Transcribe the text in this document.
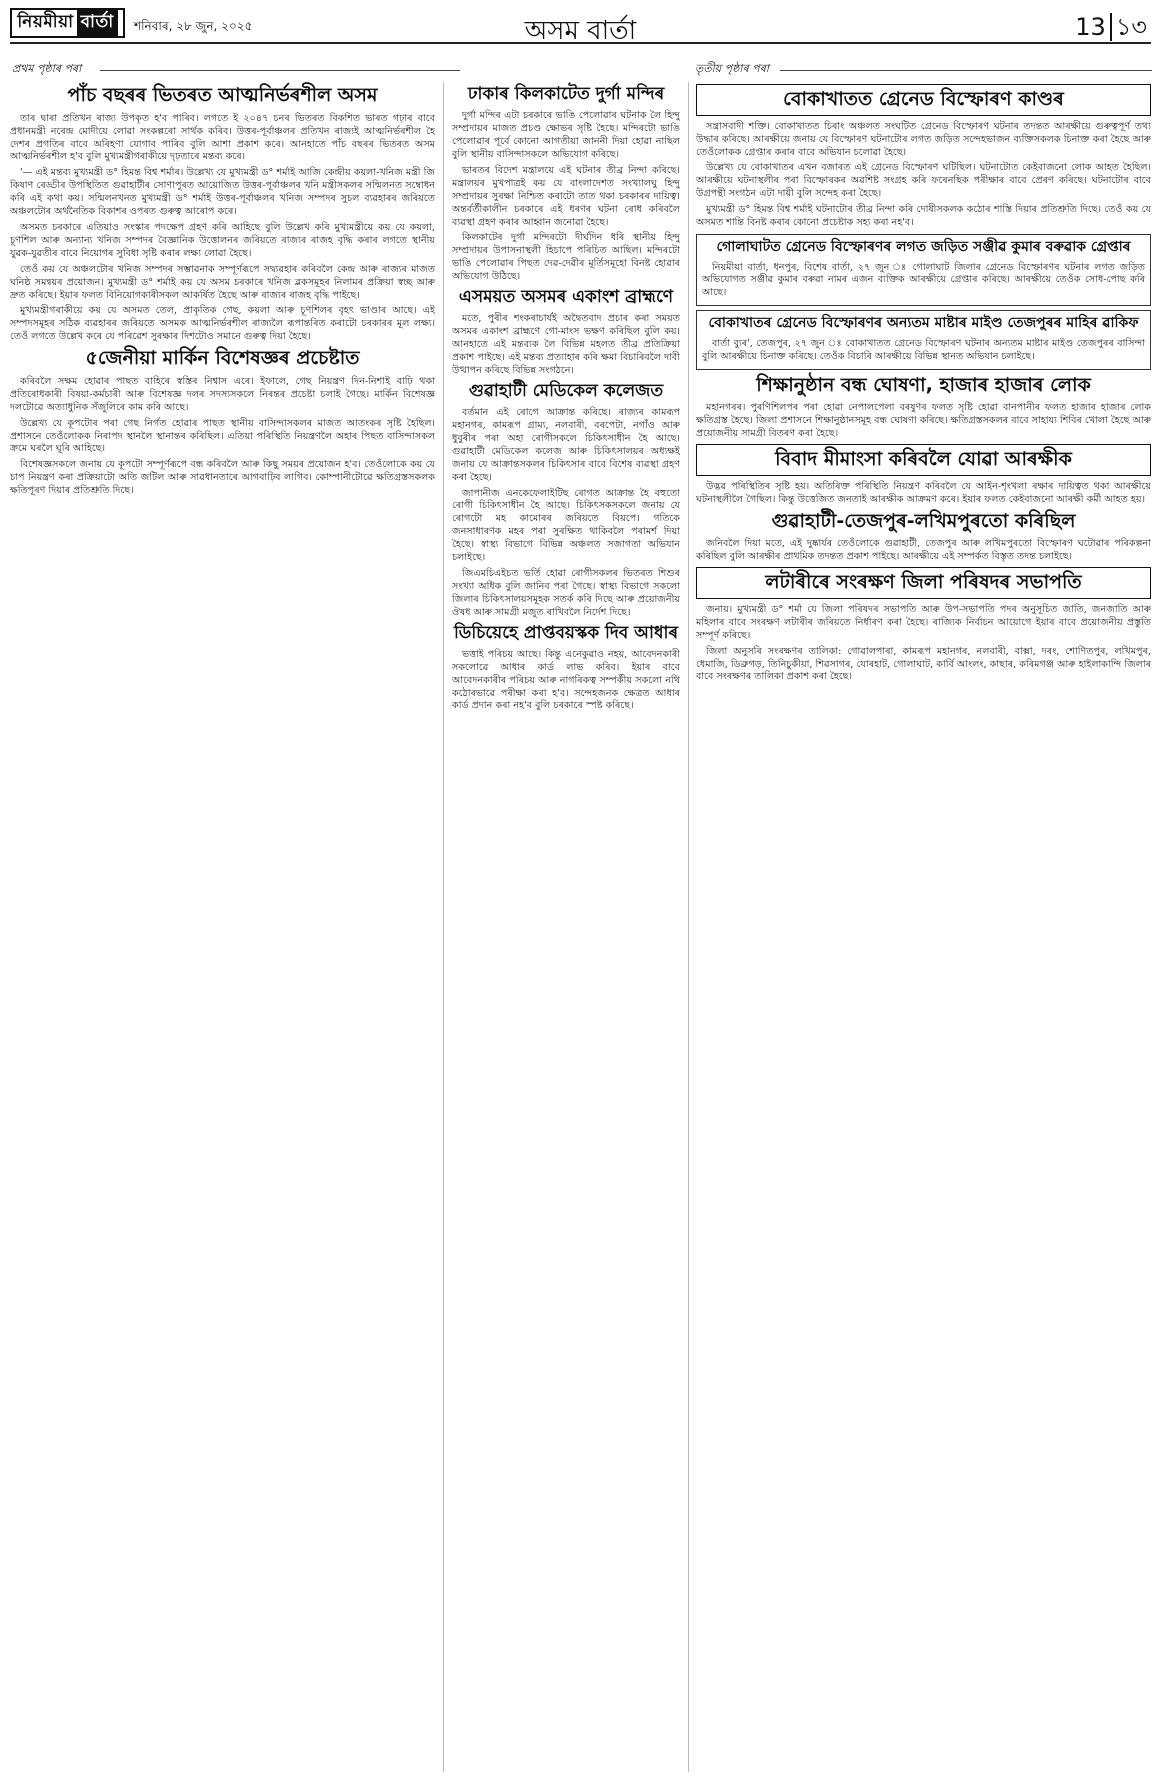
নিয়মীয়া বার্তা	শনিবাৰ, ২৮ জুন, ২০২৫	অসম বাৰ্তা	13 ১৩
প্ৰথম পৃষ্ঠাৰ পৰা	তৃতীয় পৃষ্ঠাৰ পৰা
পাঁচ বছৰৰ ভিতৰত আত্মনিৰ্ভৰশীল অসম

তাৰ দ্বাৰা প্ৰতিখন ৰাজ্য উপকৃত হ'ব পাৰিব। লগতে ই ২০৪৭ চনৰ ভিতৰত বিকশিত ভাৰত গঢ়াৰ বাবে প্ৰধানমন্ত্ৰী নৰেন্দ্ৰ মোদীয়ে লোৱা সংকল্পৰো সাৰ্থক কৰিব। উত্তৰ-পূৰ্বাঞ্চলৰ প্ৰতিখন ৰাজ্যই আত্মনিৰ্ভৰশীল হৈ দেশৰ প্ৰগতিৰ বাবে অৰিহণা যোগাব পাৰিব বুলি আশা প্ৰকাশ কৰে। আনহাতে পাঁচ বছৰৰ ভিতৰত অসম আত্মনিৰ্ভৰশীল হ'ব বুলি মুখ্যমন্ত্ৰীগৰাকীয়ে দৃঢ়তাৰে মন্তব্য কৰে।

'— এই মন্তব্য মুখ্যমন্ত্ৰী ড° হিমন্ত বিশ্ব শৰ্মাৰ। উল্লেখ্য যে মুখ্যমন্ত্ৰী ড° শৰ্মাই আজি কেন্দ্ৰীয় কয়লা-খনিজ মন্ত্ৰী জি কিষাণ ৰেড্ডীৰ উপস্থিতিত গুৱাহাটীৰ সোণাপুৰত আয়োজিত উত্তৰ-পূৰ্বাঞ্চলৰ খনি মন্ত্ৰীসকলৰ সন্মিলনত সম্বোধন কৰি এই কথা কয়। সন্মিলনখনত মুখ্যমন্ত্ৰী ড° শৰ্মাই উত্তৰ-পূৰ্বাঞ্চলৰ খনিজ সম্পদৰ সুচল ব্যৱহাৰৰ জৰিয়তে অঞ্চলটোৰ অৰ্থনৈতিক বিকাশৰ ওপৰত গুৰুত্ব আৰোপ কৰে।

অসমত চৰকাৰে এতিয়াও সংস্কাৰ পদক্ষেপ গ্ৰহণ কৰি আহিছে বুলি উল্লেখ কৰি মুখ্যমন্ত্ৰীয়ে কয় যে কয়লা, চূণশিল আৰু অন্যান্য খনিজ সম্পদৰ বৈজ্ঞানিক উত্তোলনৰ জৰিয়তে ৰাজ্যৰ ৰাজহ বৃদ্ধি কৰাৰ লগতে স্থানীয় যুৱক-যুৱতীৰ বাবে নিয়োগৰ সুবিধা সৃষ্টি কৰাৰ লক্ষ্য লোৱা হৈছে।

তেওঁ কয় যে অঞ্চলটোৰ খনিজ সম্পদৰ সম্ভাৱনাক সম্পূৰ্ণৰূপে সদ্ব্যৱহাৰ কৰিবলৈ কেন্দ্ৰ আৰু ৰাজ্যৰ মাজত ঘনিষ্ঠ সমন্বয়ৰ প্ৰয়োজন। মুখ্যমন্ত্ৰী ড° শৰ্মাই কয় যে অসম চৰকাৰে খনিজ ব্লকসমূহৰ নিলামৰ প্ৰক্ৰিয়া স্বচ্ছ আৰু দ্ৰুত কৰিছে। ইয়াৰ ফলত বিনিয়োগকাৰীসকল আকৰ্ষিত হৈছে আৰু ৰাজ্যৰ ৰাজহ বৃদ্ধি পাইছে।

মুখ্যমন্ত্ৰীগৰাকীয়ে কয় যে অসমত তেল, প্ৰাকৃতিক গেছ, কয়লা আৰু চূণশিলৰ বৃহৎ ভাণ্ডাৰ আছে। এই সম্পদসমূহৰ সঠিক ব্যৱহাৰৰ জৰিয়তে অসমক আত্মনিৰ্ভৰশীল ৰাজ্যলৈ ৰূপান্তৰিত কৰাটো চৰকাৰৰ মূল লক্ষ্য। তেওঁ লগতে উল্লেখ কৰে যে পৰিৱেশ সুৰক্ষাৰ দিশটোও সমানে গুৰুত্ব দিয়া হৈছে।

৫জেনীয়া মাৰ্কিন বিশেষজ্ঞৰ প্ৰচেষ্টাত

কৰিবলৈ সক্ষম হোৱাৰ পাছত বাহিৰে স্বস্তিৰ নিশ্বাস এৰে। ইফালে, গেছ নিয়ন্ত্ৰণ দিন-নিশাই বাঢ়ি থকা প্ৰতিৰোধকাৰী বিষয়া-কৰ্মচাৰী আৰু বিশেষজ্ঞ দলৰ সদস্যসকলে নিৰন্তৰ প্ৰচেষ্টা চলাই গৈছে। মাৰ্কিন বিশেষজ্ঞ দলটোৱে অত্যাধুনিক সঁজুলিৰে কাম কৰি আছে।

উল্লেখ্য যে কূপটোৰ পৰা গেছ নিৰ্গত হোৱাৰ পাছত স্থানীয় বাসিন্দাসকলৰ মাজত আতংকৰ সৃষ্টি হৈছিল। প্ৰশাসনে তেওঁলোকক নিৰাপদ স্থানলৈ স্থানান্তৰ কৰিছিল। এতিয়া পৰিস্থিতি নিয়ন্ত্ৰণলৈ অহাৰ পিছত বাসিন্দাসকল ক্ৰমে ঘৰলৈ ঘূৰি আহিছে।

বিশেষজ্ঞসকলে জনায় যে কূপটো সম্পূৰ্ণৰূপে বন্ধ কৰিবলৈ আৰু কিছু সময়ৰ প্ৰয়োজন হ'ব। তেওঁলোকে কয় যে চাপ নিয়ন্ত্ৰণ কৰা প্ৰক্ৰিয়াটো অতি জটিল আৰু সাৱধানতাৰে আগবাঢ়িব লাগিব। কোম্পানীটোৱে ক্ষতিগ্ৰস্তসকলক ক্ষতিপূৰণ দিয়াৰ প্ৰতিশ্ৰুতি দিছে।

ঢাকাৰ কিলকাটেত দুৰ্গা মন্দিৰ

দুৰ্গা মন্দিৰ এটা চৰকাৰে ভাঙি পেলোৱাৰ ঘটনাক লৈ হিন্দু সম্প্ৰদায়ৰ মাজত প্ৰচণ্ড ক্ষোভৰ সৃষ্টি হৈছে। মন্দিৰটো ভাঙি পেলোৱাৰ পূৰ্বে কোনো আগতীয়া জাননী দিয়া হোৱা নাছিল বুলি স্থানীয় বাসিন্দাসকলে অভিযোগ কৰিছে।

ভাৰতৰ বিদেশ মন্ত্ৰালয়ে এই ঘটনাৰ তীব্ৰ নিন্দা কৰিছে। মন্ত্ৰালয়ৰ মুখপাত্ৰই কয় যে বাংলাদেশত সংখ্যালঘু হিন্দু সম্প্ৰদায়ৰ সুৰক্ষা নিশ্চিত কৰাটো তাত থকা চৰকাৰৰ দায়িত্ব। অন্তৰ্বৰ্তীকালীন চৰকাৰে এই ধৰণৰ ঘটনা ৰোধ কৰিবলৈ ব্যৱস্থা গ্ৰহণ কৰাৰ আহ্বান জনোৱা হৈছে।

কিলকাটেৰ দুৰ্গা মন্দিৰটো দীৰ্ঘদিন ধৰি স্থানীয় হিন্দু সম্প্ৰদায়ৰ উপাসনাস্থলী হিচাপে পৰিচিত আছিল। মন্দিৰটো ভাঙি পেলোৱাৰ পিছত দেৱ-দেৱীৰ মূৰ্তিসমূহো বিনষ্ট হোৱাৰ অভিযোগ উঠিছে।

এসময়ত অসমৰ একাংশ ব্ৰাহ্মণে

মতে, পুৰীৰ শংকৰাচাৰ্যই অদ্বৈতবাদ প্ৰচাৰ কৰা সময়ত অসমৰ একাংশ ব্ৰাহ্মণে গো-মাংস ভক্ষণ কৰিছিল বুলি কয়। আনহাতে এই মন্তব্যক লৈ বিভিন্ন মহলত তীব্ৰ প্ৰতিক্ৰিয়া প্ৰকাশ পাইছে। এই মন্তব্য প্ৰত্যাহাৰ কৰি ক্ষমা বিচাৰিবলৈ দাবী উত্থাপন কৰিছে বিভিন্ন সংগঠনে।

গুৱাহাটী মেডিকেল কলেজত

বৰ্তমান এই ৰোগে আক্ৰান্ত কৰিছে। ৰাজ্যৰ কামৰূপ মহানগৰ, কামৰূপ গ্ৰাম্য, নলবাৰী, বৰপেটা, নগাঁও আৰু ধুবুৰীৰ পৰা অহা ৰোগীসকলে চিকিৎসাধীন হৈ আছে। গুৱাহাটী মেডিকেল কলেজ আৰু চিকিৎসালয়ৰ অধ্যক্ষই জনায় যে আক্ৰান্তসকলৰ চিকিৎসাৰ বাবে বিশেষ ব্যৱস্থা গ্ৰহণ কৰা হৈছে।

জাপানীজ এনকেফেলাইটিছ ৰোগত আক্ৰান্ত হৈ বহুতো ৰোগী চিকিৎসাধীন হৈ আছে। চিকিৎসকসকলে জনায় যে ৰোগটো মহ কামোৰৰ জৰিয়তে বিয়পে। গতিকে জনসাধাৰণক মহৰ পৰা সুৰক্ষিত থাকিবলৈ পৰামৰ্শ দিয়া হৈছে। স্বাস্থ্য বিভাগে বিভিন্ন অঞ্চলত সজাগতা অভিযান চলাইছে।

জিএমচিএইচত ভৰ্তি হোৱা ৰোগীসকলৰ ভিতৰত শিশুৰ সংখ্যা অধিক বুলি জানিব পৰা গৈছে। স্বাস্থ্য বিভাগে সকলো জিলাৰ চিকিৎসালয়সমূহক সতৰ্ক কৰি দিছে আৰু প্ৰয়োজনীয় ঔষধ আৰু সামগ্ৰী মজুত ৰাখিবলৈ নিৰ্দেশ দিছে।

ডিচিয়েহে প্ৰাপ্তবয়স্কক দিব আধাৰ

ভত্তাই পৰিচয় আছে। কিন্তু এনেকুৱাও নহয়, আবেদনকাৰী সকলোৱে আধাৰ কাৰ্ড লাভ কৰিব। ইয়াৰ বাবে আবেদনকাৰীৰ পৰিচয় আৰু নাগৰিকত্ব সম্পৰ্কীয় সকলো নথি কঠোৰভাৱে পৰীক্ষা কৰা হ'ব। সন্দেহজনক ক্ষেত্ৰত আধাৰ কাৰ্ড প্ৰদান কৰা নহ'ব বুলি চৰকাৰে স্পষ্ট কৰিছে।

বোকাখাতত গ্ৰেনেড বিস্ফোৰণ কাণ্ডৰ

সন্ত্ৰাসবাদী শক্তি। বোকাখাতত চিৰাং অঞ্চলত সংঘটিত গ্ৰেনেড বিস্ফোৰণ ঘটনাৰ তদন্তত আৰক্ষীয়ে গুৰুত্বপূৰ্ণ তথ্য উদ্ধাৰ কৰিছে। আৰক্ষীয়ে জনায় যে বিস্ফোৰণ ঘটনাটোৰ লগত জড়িত সন্দেহভাজন ব্যক্তিসকলক চিনাক্ত কৰা হৈছে আৰু তেওঁলোকক গ্ৰেপ্তাৰ কৰাৰ বাবে অভিযান চলোৱা হৈছে।

উল্লেখ্য যে বোকাখাতৰ এখন বজাৰত এই গ্ৰেনেড বিস্ফোৰণ ঘটিছিল। ঘটনাটোত কেইবাজনো লোক আহত হৈছিল। আৰক্ষীয়ে ঘটনাস্থলীৰ পৰা বিস্ফোৰকৰ অৱশিষ্ট সংগ্ৰহ কৰি ফৰেনছিক পৰীক্ষাৰ বাবে প্ৰেৰণ কৰিছে। ঘটনাটোৰ বাবে উগ্ৰপন্থী সংগঠন এটা দায়ী বুলি সন্দেহ কৰা হৈছে।

মুখ্যমন্ত্ৰী ড° হিমন্ত বিশ্ব শৰ্মাই ঘটনাটোৰ তীব্ৰ নিন্দা কৰি দোষীসকলক কঠোৰ শাস্তি দিয়াৰ প্ৰতিশ্ৰুতি দিছে। তেওঁ কয় যে অসমত শান্তি বিনষ্ট কৰাৰ কোনো প্ৰচেষ্টাক সহ্য কৰা নহ'ব।

গোলাঘাটত গ্ৰেনেড বিস্ফোৰণৰ লগত জড়িত সঞ্জীৱ কুমাৰ বৰুৱাক গ্ৰেপ্তাৰ

নিয়মীয়া বাৰ্তা, ধনপুৰ, বিশেষ বাৰ্তা, ২৭ জুন ঃ গোলাঘাট জিলাৰ গ্ৰেনেড বিস্ফোৰণৰ ঘটনাৰ লগত জড়িত অভিযোগত সঞ্জীৱ কুমাৰ বৰুৱা নামৰ এজন ব্যক্তিক আৰক্ষীয়ে গ্ৰেপ্তাৰ কৰিছে। আৰক্ষীয়ে তেওঁক সোধ-পোছ কৰি আছে।

বোকাখাতৰ গ্ৰেনেড বিস্ফোৰণৰ অন্যতম মাষ্টাৰ মাইণ্ড তেজপুৰৰ মাহিৰ ৱাকিফ

বাৰ্তা ব্যুৰ', তেজপুৰ, ২৭ জুন ঃ বোকাখাতত গ্ৰেনেড বিস্ফোৰণ ঘটনাৰ অন্যতম মাষ্টাৰ মাইণ্ড তেজপুৰৰ বাসিন্দা বুলি আৰক্ষীয়ে চিনাক্ত কৰিছে। তেওঁক বিচাৰি আৰক্ষীয়ে বিভিন্ন স্থানত অভিযান চলাইছে।

শিক্ষানুষ্ঠান বন্ধ ঘোষণা, হাজাৰ হাজাৰ লোক

মহানগৰৰ। পুৰণিশিলপৰ পৰা হোৱা নেপালপেলা বৰষুণৰ ফলত সৃষ্টি হোৱা বানপানীৰ ফলত হাজাৰ হাজাৰ লোক ক্ষতিগ্ৰস্ত হৈছে। জিলা প্ৰশাসনে শিক্ষানুষ্ঠানসমূহ বন্ধ ঘোষণা কৰিছে। ক্ষতিগ্ৰস্তসকলৰ বাবে সাহায্য শিবিৰ খোলা হৈছে আৰু প্ৰয়োজনীয় সামগ্ৰী বিতৰণ কৰা হৈছে।

বিবাদ মীমাংসা কৰিবলৈ যোৱা আৰক্ষীক

উদ্ভৱ পৰিস্থিতিৰ সৃষ্টি হয়। অতিৰিক্ত পৰিস্থিতি নিয়ন্ত্ৰণ কৰিবলৈ যে আইন-শৃংখলা ৰক্ষাৰ দায়িত্বত থকা আৰক্ষীয়ে ঘটনাস্থলীলৈ গৈছিল। কিন্তু উত্তেজিত জনতাই আৰক্ষীক আক্ৰমণ কৰে। ইয়াৰ ফলত কেইবাজনো আৰক্ষী কৰ্মী আহত হয়।

গুৱাহাটী-তেজপুৰ-লখিমপুৰতো কৰিছিল

জনিবলৈ দিয়া মতে, এই দুষ্কাৰ্যৰ তেওঁলোকে গুৱাহাটী, তেজপুৰ আৰু লখিমপুৰতো বিস্ফোৰণ ঘটোৱাৰ পৰিকল্পনা কৰিছিল বুলি আৰক্ষীৰ প্ৰাথমিক তদন্তত প্ৰকাশ পাইছে। আৰক্ষীয়ে এই সম্পৰ্কত বিস্তৃত তদন্ত চলাইছে।

লটাৰীৰে সংৰক্ষণ জিলা পৰিষদৰ সভাপতি

জনায়। মুখ্যমন্ত্ৰী ড° শৰ্মা যে জিলা পৰিষদৰ সভাপতি আৰু উপ-সভাপতি পদৰ অনুসূচিত জাতি, জনজাতি আৰু মহিলাৰ বাবে সংৰক্ষণ লটাৰীৰ জৰিয়তে নিৰ্ধাৰণ কৰা হৈছে। ৰাজ্যিক নিৰ্বাচন আয়োগে ইয়াৰ বাবে প্ৰয়োজনীয় প্ৰস্তুতি সম্পূৰ্ণ কৰিছে।

জিলা অনুসৰি সংৰক্ষণৰ তালিকা: গোৱালপাৰা, কামৰূপ মহানগৰ, নলবাৰী, বাক্সা, দৰং, শোণিতপুৰ, লখিমপুৰ, ধেমাজি, ডিব্ৰুগড়, তিনিচুকীয়া, শিৱসাগৰ, যোৰহাট, গোলাঘাট, কাৰ্বি আংলং, কাছাৰ, কৰিমগঞ্জ আৰু হাইলাকান্দি জিলাৰ বাবে সংৰক্ষণৰ তালিকা প্ৰকাশ কৰা হৈছে।
